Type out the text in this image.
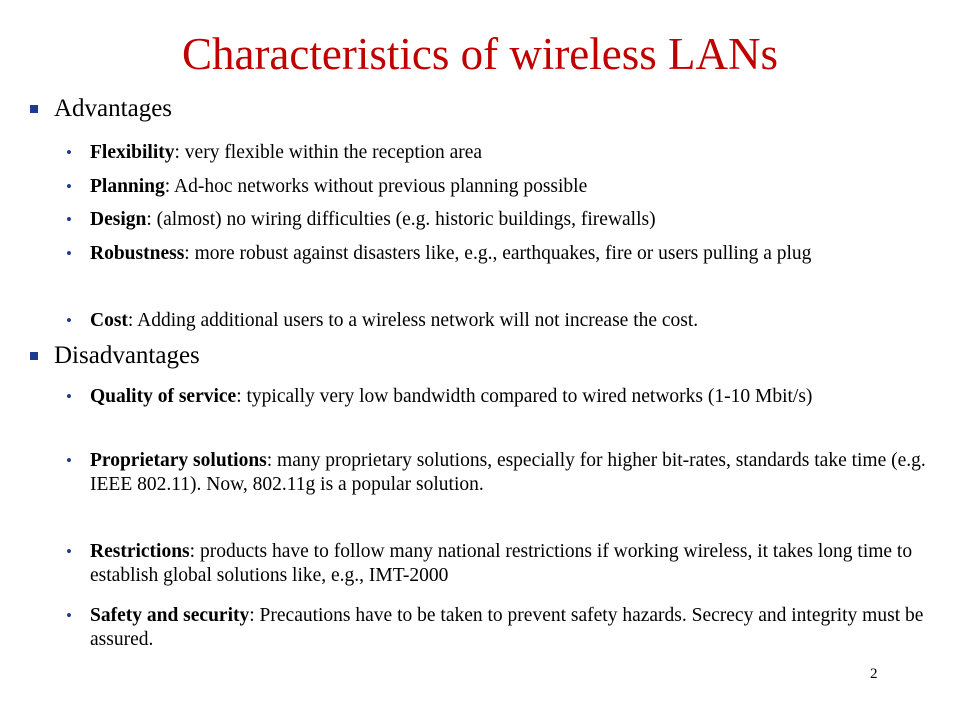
Characteristics of wireless LANs
Advantages
• Flexibility: very flexible within the reception area
• Planning: Ad-hoc networks without previous planning possible
• Design: (almost) no wiring difficulties (e.g. historic buildings, firewalls)
• Robustness: more robust against disasters like, e.g., earthquakes, fire or users pulling a plug
• Cost: Adding additional users to a wireless network will not increase the cost.
Disadvantages
• Quality of service: typically very low bandwidth compared to wired networks (1-10 Mbit/s)
• Proprietary solutions: many proprietary solutions, especially for higher bit-rates, standards take time (e.g. IEEE 802.11). Now, 802.11g is a popular solution.
• Restrictions: products have to follow many national restrictions if working wireless, it takes long time to establish global solutions like, e.g., IMT-2000
• Safety and security: Precautions have to be taken to prevent safety hazards. Secrecy and integrity must be assured.
2
